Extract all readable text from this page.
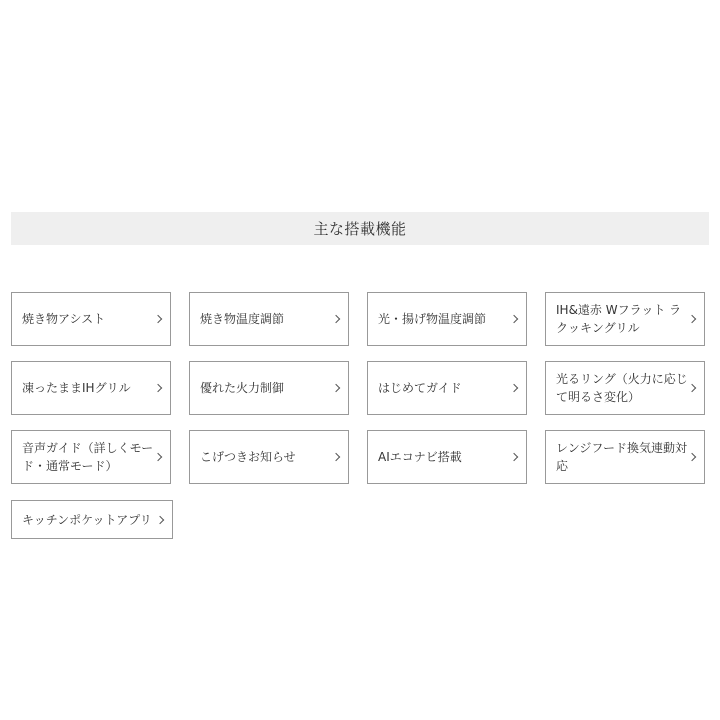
主な搭載機能
焼き物アシスト	焼き物温度調節	光・揚げ物温度調節
IH&遠赤 Wフラット ラクッキングリル
凍ったままIHグリル	優れた火力制御	はじめてガイド
光るリング（火力に応じて明るさ変化）
音声ガイド（詳しくモード・通常モード）
こげつきお知らせ	AIエコナビ搭載
レンジフード換気連動対応
キッチンポケットアプリ
